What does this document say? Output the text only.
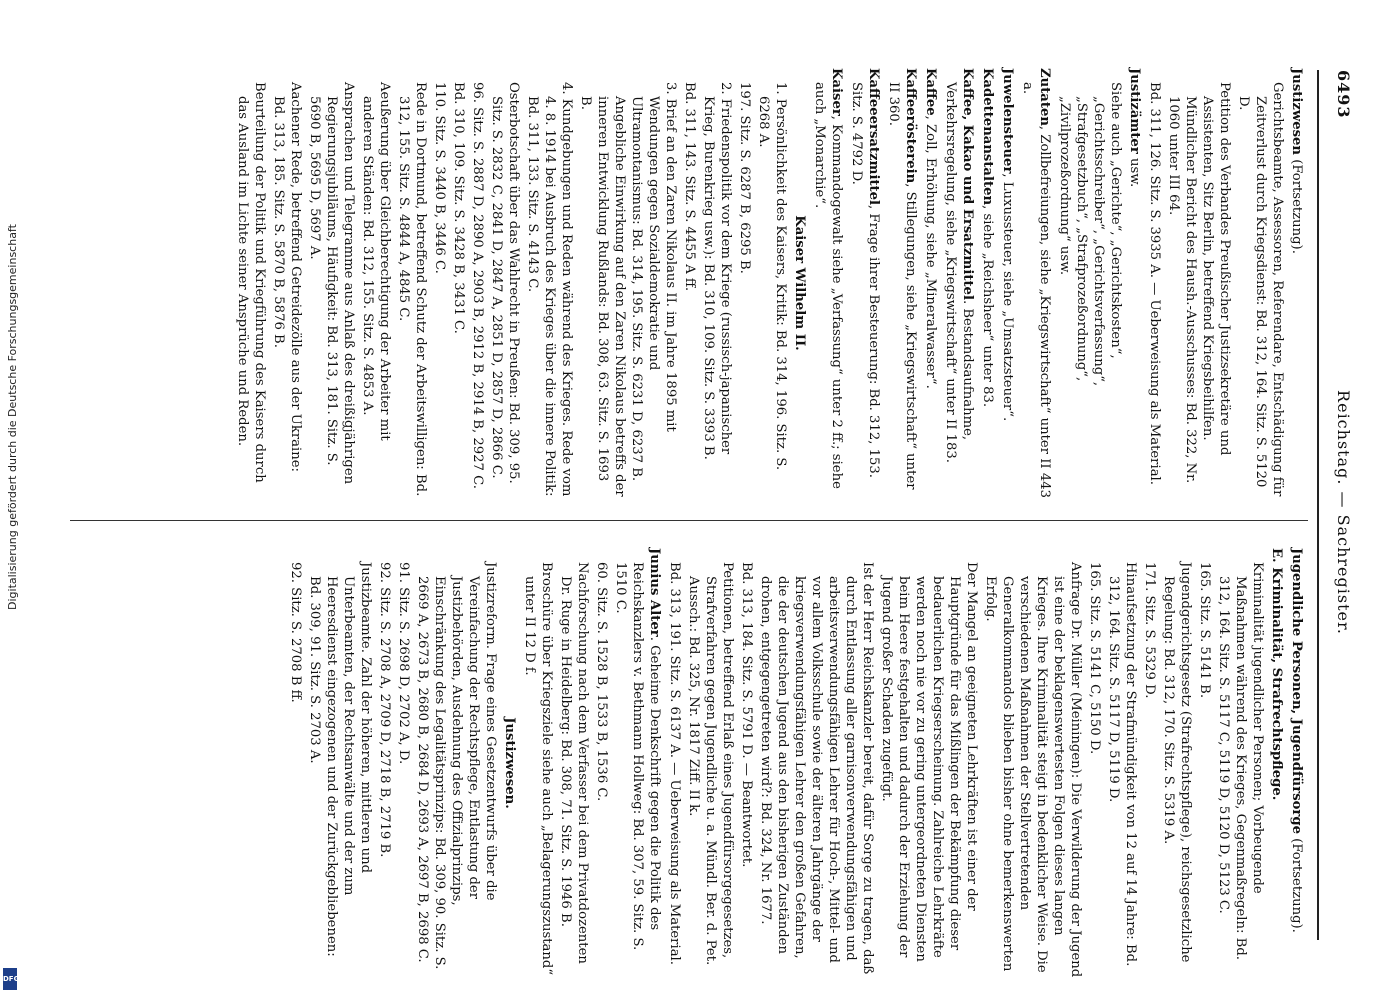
6493
Reichstag. — Sachregister.

Justizwesen (Fortsetzung).

Gerichtsbeamte, Assessoren, Referendare, Entschädigung für Zeitverlust durch Kriegsdienst: Bd. 312, 164. Sitz. S. 5120 D.

Petition des Verbandes Preußischer Justizsekretäre und Assistenten, Sitz Berlin, betreffend Kriegsbeihilfen. Mündlicher Bericht des Haush.-Ausschusses: Bd. 322, Nr. 1060 unter III 64.

Bd. 311, 126. Sitz. S. 3935 A. — Ueberweisung als Material.

Justizämter usw.

Siehe auch „Gerichte“, „Gerichtskosten“, „Gerichtsschreiber“, „Gerichtsverfassung“, „Strafgesetzbuch“, „Strafprozeßordnung“, „Zivilprozeßordnung“ usw.

Zutaten, Zollbefreiungen, siehe „Kriegswirtschaft“ unter II 443 a.

Juwelensteuer, Luxussteuer, siehe „Umsatzsteuer“.

Kadettenanstalten, siehe „Reichsheer“ unter 83.

Kaffee, Kakao und Ersatzmittel. Bestandsaufnahme, Verkehrsregelung, siehe „Kriegswirtschaft“ unter II 183.

Kaffee, Zoll, Erhöhung, siehe „Mineralwasser“.

Kaffeerösterein, Stillegungen, siehe „Kriegswirtschaft“ unter II 360.

Kaffeeersatzmittel, Frage ihrer Besteuerung: Bd. 312, 153. Sitz. S. 4792 D.

Kaiser, Kommandogewalt siehe „Verfassung“ unter 2 ff.; siehe auch „Monarchie“.

Kaiser Wilhelm II.

1. Persönlichkeit des Kaisers, Kritik: Bd. 314, 196. Sitz. S. 6268 A.

197. Sitz. S. 6287 B, 6295 B.

2. Friedenspolitik vor dem Kriege (russisch-japanischer Krieg, Burenkrieg usw.): Bd. 310, 109. Sitz. S. 3393 B.

Bd. 311, 143. Sitz. S. 4455 A ff.

3. Brief an den Zaren Nikolaus II. im Jahre 1895 mit Wendungen gegen Sozialdemokratie und Ultramontanismus: Bd. 314, 195. Sitz. S. 6231 D, 6237 B. Angebliche Einwirkung auf den Zaren Nikolaus betreffs der inneren Entwicklung Rußlands: Bd. 308, 63. Sitz. S. 1693 B.

4. Kundgebungen und Reden während des Krieges. Rede vom 4. 8. 1914 bei Ausbruch des Krieges über die innere Politik: Bd. 311, 133. Sitz. S. 4143 C.

Osterbotschaft über das Wahlrecht in Preußen: Bd. 309, 95. Sitz. S. 2832 C, 2841 D, 2847 A, 2851 D, 2857 D, 2866 C.

96. Sitz. S. 2887 D, 2890 A, 2903 B, 2912 B, 2914 B, 2927 C.

Bd. 310, 109. Sitz. S. 3428 B, 3431 C.

110. Sitz. S. 3440 B, 3446 C.

Rede in Dortmund, betreffend Schutz der Arbeitswilligen: Bd. 312, 155. Sitz. S. 4844 A, 4845 C.

Aeußerung über Gleichberechtigung der Arbeiter mit anderen Ständen: Bd. 312, 155. Sitz. S. 4853 A.

Ansprachen und Telegramme aus Anlaß des dreißigjährigen Regierungsjubiläums, Häufigkeit: Bd. 313, 181. Sitz. S. 5690 B, 5695 D, 5697 A.

Aachener Rede, betreffend Getreidezölle aus der Ukraine: Bd. 313, 185. Sitz. S. 5870 B, 5876 B.

Beurteilung der Politik und Kriegführung des Kaisers durch das Ausland im Lichte seiner Ansprüche und Reden.

Jugendliche Personen, Jugendfürsorge (Fortsetzung).

E. Kriminalität, Strafrechtspflege.

Kriminalität jugendlicher Personen; Vorbeugende Maßnahmen während des Krieges, Gegenmaßregeln: Bd. 312, 164. Sitz. S. 5117 C, 5119 D, 5120 D, 5123 C.

165. Sitz. S. 5141 B.

Jugendgerichtsgesetz (Strafrechtspflege), reichsgesetzliche Regelung: Bd. 312, 170. Sitz. S. 5319 A.

171. Sitz. S. 5329 D.

Hinaufsetzung der Strafmündigkeit von 12 auf 14 Jahre: Bd. 312, 164. Sitz. S. 5117 D, 5119 D.

165. Sitz. S. 5141 C, 5150 D.

Anfrage Dr. Müller (Meiningen): Die Verwilderung der Jugend ist eine der beklagenswertesten Folgen dieses langen Krieges. Ihre Kriminalität steigt in bedenklicher Weise. Die verschiedenen Maßnahmen der Stellvertretenden Generalkommandos blieben bisher ohne bemerkenswerten Erfolg.

Der Mangel an geeigneten Lehrkräften ist einer der Hauptgründe für das Mißlingen der Bekämpfung dieser bedauerlichen Kriegserscheinung. Zahlreiche Lehrkräfte werden noch nie vor zu gering untergeordneten Diensten beim Heere festgehalten und dadurch der Erziehung der Jugend großer Schaden zugefügt.

Ist der Herr Reichskanzler bereit, dafür Sorge zu tragen, daß durch Entlassung aller garnisonverwendungsfähigen und arbeitsverwendungsfähigen Lehrer für Hoch-, Mittel- und vor allem Volksschule sowie der älteren Jahrgänge der kriegsverwendungsfähigen Lehrer den großen Gefahren, die der deutschen Jugend aus den bisherigen Zuständen drohen, entgegengetreten wird?: Bd. 324, Nr. 1677.

Bd. 313, 184. Sitz. S. 5791 D. — Beantwortet.

Petitionen, betreffend Erlaß eines Jugendfürsorgegesetzes, Strafverfahren gegen Jugendliche u. a. Mündl. Ber. d. Pet. Aussch.: Bd. 325, Nr. 1817 Ziff. II k.

Bd. 313, 191. Sitz. S. 6137 A. — Ueberweisung als Material.

Junius Alter. Geheime Denkschrift gegen die Politik des Reichskanzlers v. Bethmann Hollweg: Bd. 307, 59. Sitz. S. 1510 C.

60. Sitz. S. 1528 B, 1533 B, 1536 C.

Nachforschung nach dem Verfasser bei dem Privatdozenten Dr. Ruge in Heidelberg: Bd. 308, 71. Sitz. S. 1946 B.

Broschüre über Kriegsziele siehe auch „Belagerungszustand“ unter II 12 D f.

Justizwesen.

Justizreform. Frage eines Gesetzentwurfs über die Vereinfachung der Rechtspflege, Entlastung der Justizbehörden, Ausdehnung des Offizialprinzips, Einschränkung des Legalitätsprinzips: Bd. 309, 90. Sitz. S. 2669 A, 2673 B, 2680 B, 2684 D, 2693 A, 2697 B, 2698 C.

91. Sitz. S. 2698 D, 2702 A, D.

92. Sitz. S. 2708 A, 2709 D, 2718 B, 2719 B.

Justizbeamte. Zahl der höheren, mittleren und Unterbeamten, der Rechtsanwälte und der zum Heeresdienst eingezogenen und der Zurückgebliebenen: Bd. 309, 91. Sitz. S. 2703 A.

92. Sitz. S. 2708 B ff.

Digitalisierung gefördert durch die Deutsche Forschungsgemeinschaft
DFG
